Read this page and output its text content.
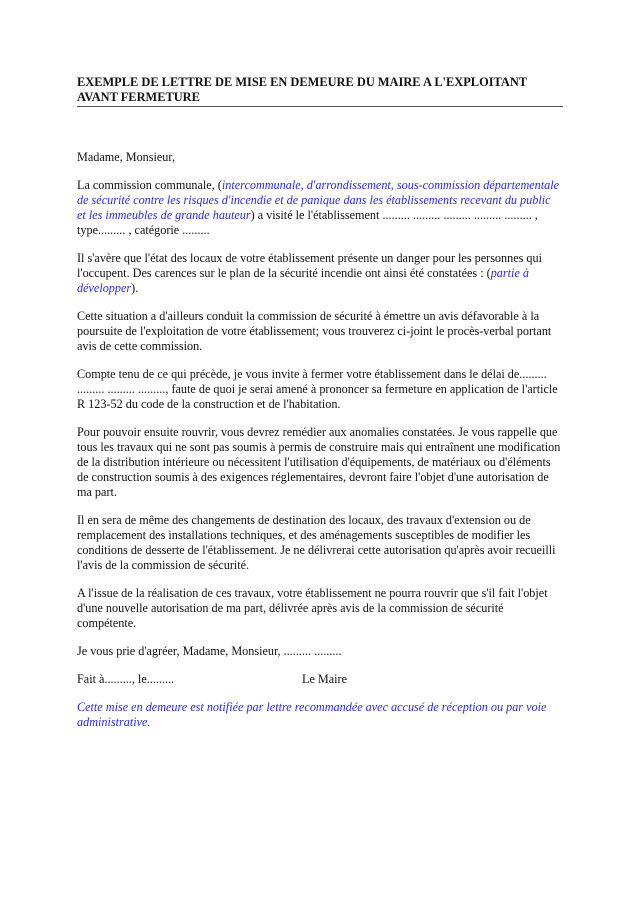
EXEMPLE DE LETTRE DE MISE EN DEMEURE DU MAIRE A L'EXPLOITANT AVANT FERMETURE

Madame, Monsieur,

La commission communale, (intercommunale, d'arrondissement, sous-commission départementale de sécurité contre les risques d'incendie et de panique dans les établissements recevant du public et les immeubles de grande hauteur) a visité le l'établissement ......... ......... ......... ......... ......... , type......... , catégorie .........

Il s'avère que l'état des locaux de votre établissement présente un danger pour les personnes qui l'occupent. Des carences sur le plan de la sécurité incendie ont ainsi été constatées : (partie à développer).

Cette situation a d'ailleurs conduit la commission de sécurité à émettre un avis défavorable à la poursuite de l'exploitation de votre établissement; vous trouverez ci-joint le procès-verbal portant avis de cette commission.

Compte tenu de ce qui précède, je vous invite à fermer votre établissement dans le délai de......... ......... ......... ........., faute de quoi je serai amené à prononcer sa fermeture en application de l'article R 123-52 du code de la construction et de l'habitation.

Pour pouvoir ensuite rouvrir, vous devrez remédier aux anomalies constatées. Je vous rappelle que tous les travaux qui ne sont pas soumis à permis de construire mais qui entraînent une modification de la distribution intérieure ou nécessitent l'utilisation d'équipements, de matériaux ou d'éléments de construction soumis à des exigences réglementaires, devront faire l'objet d'une autorisation de ma part.

Il en sera de même des changements de destination des locaux, des travaux d'extension ou de remplacement des installations techniques, et des aménagements susceptibles de modifier les conditions de desserte de l'établissement. Je ne délivrerai cette autorisation qu'après avoir recueilli l'avis de la commission de sécurité.

A l'issue de la réalisation de ces travaux, votre établissement ne pourra rouvrir que s'il fait l'objet d'une nouvelle autorisation de ma part, délivrée après avis de la commission de sécurité compétente.

Je vous prie d'agréer, Madame, Monsieur, ......... .........

Fait à........., le.........	Le Maire

Cette mise en demeure est notifiée par lettre recommandée avec accusé de réception ou par voie administrative.
